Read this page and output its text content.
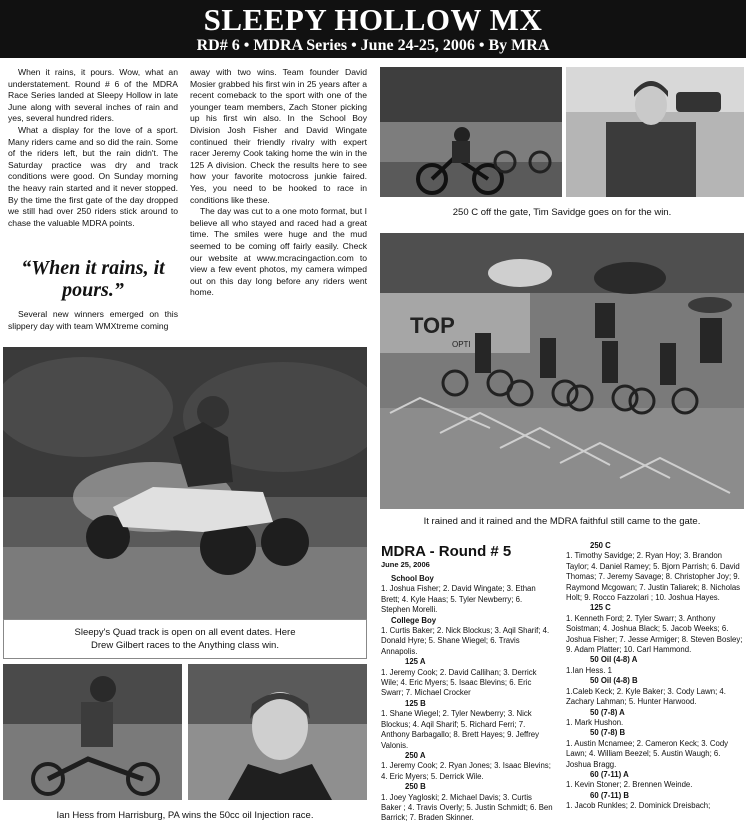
SLEEPY HOLLOW MX
RD# 6 • MDRA Series • June 24-25, 2006 • By MRA

When it rains, it pours. Wow, what an understatement. Round # 6 of the MDRA Race Series landed at Sleepy Hollow in late June along with several inches of rain and yes, several hundred riders.

What a display for the love of a sport. Many riders came and so did the rain. Some of the riders left, but the rain didn't. The Saturday practice was dry and track conditions were good. On Sunday morning the heavy rain started and it never stopped. By the time the first gate of the day dropped we still had over 250 riders stick around to chase the valuable MDRA points.

“When it rains, it pours.”

Several new winners emerged on this slippery day with team WMXtreme coming

away with two wins. Team founder David Mosier grabbed his first win in 25 years after a recent comeback to the sport with one of the younger team members, Zach Stoner picking up his first win also. In the School Boy Division Josh Fisher and David Wingate continued their friendly rivalry with expert racer Jeremy Cook taking home the win in the 125 A division. Check the results here to see how your favorite motocross junkie faired. Yes, you need to be hooked to race in conditions like these.

The day was cut to a one moto format, but I believe all who stayed and raced had a great time. The smiles were huge and the mud seemed to be coming off fairly easily. Check our website at www.mcracingaction.com to view a few event photos, my camera wimped out on this day long before any riders went home.

250 C off the gate, Tim Savidge goes on for the win.
TOP
OPTI
It rained and it rained and the MDRA faithful still came to the gate.
Sleepy's Quad track is open on all event dates. Here Drew Gilbert races to the Anything class win.
Ian Hess from Harrisburg, PA wins the 50cc oil Injection race.
MDRA - Round # 5
June 25, 2006
School Boy
1. Joshua Fisher; 2. David Wingate; 3. Ethan Brett; 4. Kyle Haas; 5. Tyler Newberry; 6. Stephen Morelli.
College Boy
1. Curtis Baker; 2. Nick Blockus; 3. Aqil Sharif; 4. Donald Hyre; 5. Shane Wiegel; 6. Travis Annapolis.
125 A
1. Jeremy Cook; 2. David Callihan; 3. Derrick Wile; 4. Eric Myers; 5. Isaac Blevins; 6. Eric Swarr; 7. Michael Crocker
125 B
1. Shane Wiegel; 2. Tyler Newberry; 3. Nick Blockus; 4. Aqil Sharif; 5. Richard Ferri; 7. Anthony Barbagallo; 8. Brett Hayes; 9. Jeffrey Valonis.
250 A
1. Jeremy Cook; 2. Ryan Jones; 3. Isaac Blevins; 4. Eric Myers; 5. Derrick Wile.
250 B
1. Joey Yagloski; 2. Michael Davis; 3. Curtis Baker ; 4. Travis Overly; 5. Justin Schmidt; 6. Ben Barrick; 7. Braden Skinner.
250 C
1. Timothy Savidge; 2. Ryan Hoy; 3. Brandon Taylor; 4. Daniel Ramey; 5. Bjorn Parrish; 6. David Thomas; 7. Jeremy Savage; 8. Christopher Joy; 9. Raymond Mcgowan; 7. Justin Taliarek; 8. Nicholas Holt; 9. Rocco Fazzolari ; 10. Joshua Hayes.
125 C
1. Kenneth Ford; 2. Tyler Swarr; 3. Anthony Soistman; 4. Joshua Black; 5. Jacob Weeks; 6. Joshua Fisher; 7. Jesse Armiger; 8. Steven Bosley; 9. Adam Platter; 10. Carl Hammond.
50 Oil (4-8) A
1.Ian Hess. 1
50 Oil (4-8) B
1.Caleb Keck; 2. Kyle Baker; 3. Cody Lawn; 4. Zachary Lahman; 5. Hunter Harwood.
50 (7-8) A
1. Mark Hushon.
50 (7-8) B
1. Austin Mcnamee; 2. Cameron Keck; 3. Cody Lawn; 4. William Beezel; 5. Austin Waugh; 6. Joshua Bragg.
60 (7-11) A
1. Kevin Stoner; 2. Brennen Weinde.
60 (7-11) B
1. Jacob Runkles; 2. Dominick Dreisbach;
